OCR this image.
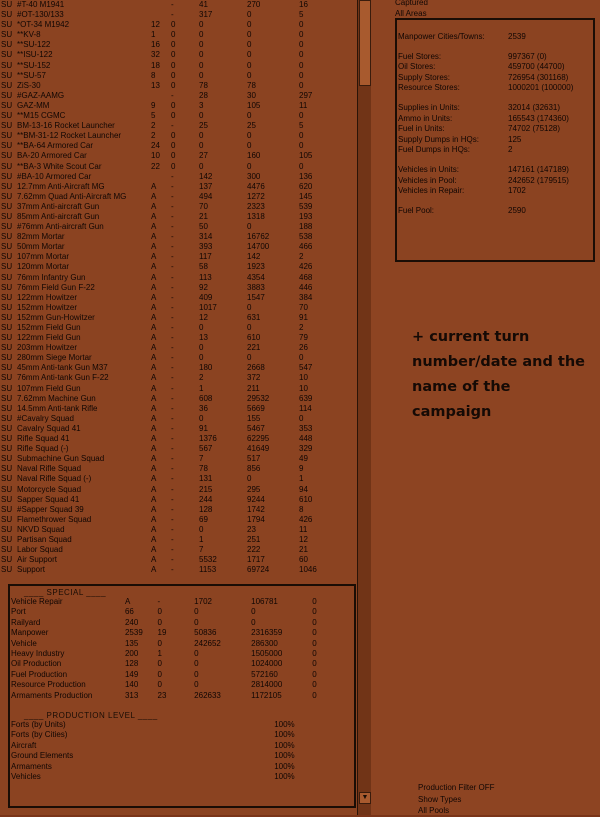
SU	#T-40 M1941		-	41	270	16	
SU	#OT-130/133		-	317	0	5	
SU	*OT-34 M1942	12	0	0	0	0	
SU	**KV-8	1	0	0	0	0	
SU	**SU-122	16	0	0	0	0	
SU	**ISU-122	32	0	0	0	0	
SU	**SU-152	18	0	0	0	0	
SU	**SU-57	8	0	0	0	0	
SU	ZiS-30	13	0	78	78	0	
SU	#GAZ-AAMG		-	28	30	297	
SU	GAZ-MM	9	0	3	105	11	
SU	**M15 CGMC	5	0	0	0	0	
SU	BM-13-16 Rocket Launcher	2	-	25	25	5	
SU	**BM-31-12 Rocket Launcher	2	0	0	0	0	
SU	**BA-64 Armored Car	24	0	0	0	0	
SU	BA-20 Armored Car	10	0	27	160	105	
SU	**BA-3 White Scout Car	22	0	0	0	0	
SU	#BA-10 Armored Car		-	142	300	136	
SU	12.7mm Anti-Aircraft MG	A	-	137	4476	620	
SU	7.62mm Quad Anti-Aircraft MG	A	-	494	1272	145	
SU	37mm Anti-aircraft Gun	A	-	70	2323	539	
SU	85mm Anti-aircraft Gun	A	-	21	1318	193	
SU	#76mm Anti-aircraft Gun	A	-	50	0	188	
SU	82mm Mortar	A	-	314	16762	538	
SU	50mm Mortar	A	-	393	14700	466	
SU	107mm Mortar	A	-	117	142	2	
SU	120mm Mortar	A	-	58	1923	426	
SU	76mm Infantry Gun	A	-	113	4354	468	
SU	76mm Field Gun F-22	A	-	92	3883	446	
SU	122mm Howitzer	A	-	409	1547	384	
SU	152mm Howitzer	A	-	1017	0	70	
SU	152mm Gun-Howitzer	A	-	12	631	91	
SU	152mm Field Gun	A	-	0	0	2	
SU	122mm Field Gun	A	-	13	610	79	
SU	203mm Howitzer	A	-	0	221	26	
SU	280mm Siege Mortar	A	-	0	0	0	
SU	45mm Anti-tank Gun M37	A	-	180	2668	547	
SU	76mm Anti-tank Gun F-22	A	-	2	372	10	
SU	107mm Field Gun	A	-	1	211	10	
SU	7.62mm Machine Gun	A	-	608	29532	639	
SU	14.5mm Anti-tank Rifle	A	-	36	5669	114	
SU	#Cavalry Squad	A	-	0	155	0	
SU	Cavalry Squad 41	A	-	91	5467	353	
SU	Rifle Squad 41	A	-	1376	62295	448	
SU	Rifle Squad (-)	A	-	567	41649	329	
SU	Submachine Gun Squad	A	-	7	517	49	
SU	Naval Rifle Squad	A	-	78	856	9	
SU	Naval Rifle Squad (-)	A	-	131	0	1	
SU	Motorcycle Squad	A	-	215	295	94	
SU	Sapper Squad 41	A	-	244	9244	610	
SU	#Sapper Squad 39	A	-	128	1742	8	
SU	Flamethrower Squad	A	-	69	1794	426	
SU	NKVD Squad	A	-	0	23	11	
SU	Partisan Squad	A	-	1	251	12	
SU	Labor Squad	A	-	7	222	21	
SU	Air Support	A	-	5532	1717	60	
SU	Support	A	-	1153	69724	1046	
____ SPECIAL ____
Vehicle Repair	A	-	1702	106781	0
Port	66	0	0	0	0
Railyard	240	0	0	0	0
Manpower	2539	19	50836	2316359	0
Vehicle	135	0	242652	286300	0
Heavy Industry	200	1	0	1505000	0
Oil Production	128	0	0	1024000	0
Fuel Production	149	0	0	572160	0
Resource Production	140	0	0	2814000	0
Armaments Production	313	23	262633	1172105	0
____ PRODUCTION LEVEL ____
Forts (by Units)	100%
Forts (by Cities)	100%
Aircraft	100%
Ground Elements	100%
Armaments	100%
Vehicles	100%
▼
Captured
All Areas
Manpower Cities/Towns:	2539

Fuel Stores:	997367 (0)
Oil Stores:	459700 (44700)
Supply Stores:	726954 (301168)
Resource Stores:	1000201 (100000)

Supplies in Units:	32014 (32631)
Ammo in Units:	165543 (174360)
Fuel in Units:	74702 (75128)
Supply Dumps in HQs:	125
Fuel Dumps in HQs:	2

Vehicles in Units:	147161 (147189)
Vehicles in Pool:	242652 (179515)
Vehicles in Repair:	1702

Fuel Pool:	2590
+ current turn number/date and the name of the campaign
Production Filter OFF
Show Types
All Pools
